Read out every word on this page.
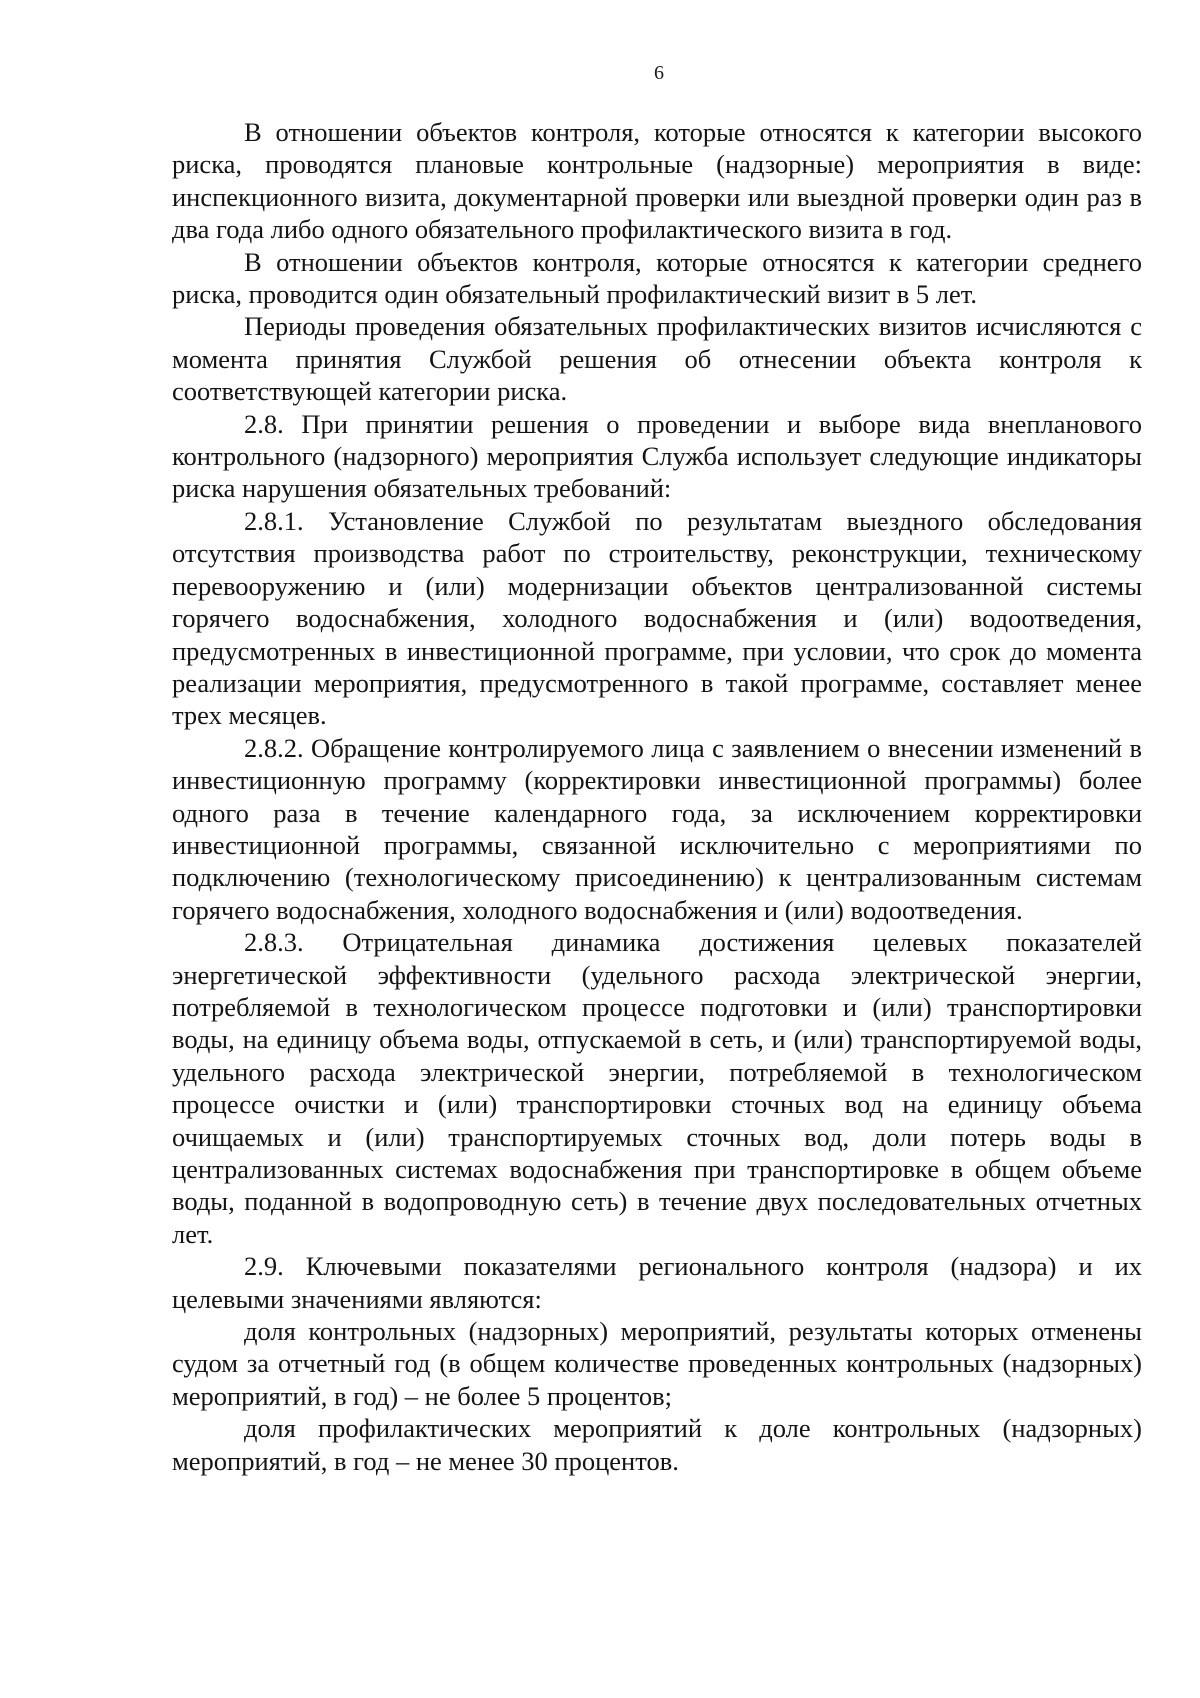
6

В отношении объектов контроля, которые относятся к категории высокого риска, проводятся плановые контрольные (надзорные) мероприятия в виде: инспекционного визита, документарной проверки или выездной проверки один раз в два года либо одного обязательного профилактического визита в год.

В отношении объектов контроля, которые относятся к категории среднего риска, проводится один обязательный профилактический визит в 5 лет.

Периоды проведения обязательных профилактических визитов исчисляются с момента принятия Службой решения об отнесении объекта контроля к соответствующей категории риска.

2.8. При принятии решения о проведении и выборе вида внепланового контрольного (надзорного) мероприятия Служба использует следующие индикаторы риска нарушения обязательных требований:

2.8.1. Установление Службой по результатам выездного обследования отсутствия производства работ по строительству, реконструкции, техническому перевооружению и (или) модернизации объектов централизованной системы горячего водоснабжения, холодного водоснабжения и (или) водоотведения, предусмотренных в инвестиционной программе, при условии, что срок до момента реализации мероприятия, предусмотренного в такой программе, составляет менее трех месяцев.

2.8.2. Обращение контролируемого лица с заявлением о внесении изменений в инвестиционную программу (корректировки инвестиционной программы) более одного раза в течение календарного года, за исключением корректировки инвестиционной программы, связанной исключительно с мероприятиями по подключению (технологическому присоединению) к централизованным системам горячего водоснабжения, холодного водоснабжения и (или) водоотведения.

2.8.3. Отрицательная динамика достижения целевых показателей энергетической эффективности (удельного расхода электрической энергии, потребляемой в технологическом процессе подготовки и (или) транспортировки воды, на единицу объема воды, отпускаемой в сеть, и (или) транспортируемой воды, удельного расхода электрической энергии, потребляемой в технологическом процессе очистки и (или) транспортировки сточных вод на единицу объема очищаемых и (или) транспортируемых сточных вод, доли потерь воды в централизованных системах водоснабжения при транспортировке в общем объеме воды, поданной в водопроводную сеть) в течение двух последовательных отчетных лет.

2.9. Ключевыми показателями регионального контроля (надзора) и их целевыми значениями являются:

доля контрольных (надзорных) мероприятий, результаты которых отменены судом за отчетный год (в общем количестве проведенных контрольных (надзорных) мероприятий, в год) – не более 5 процентов;

доля профилактических мероприятий к доле контрольных (надзорных) мероприятий, в год – не менее 30 процентов.
